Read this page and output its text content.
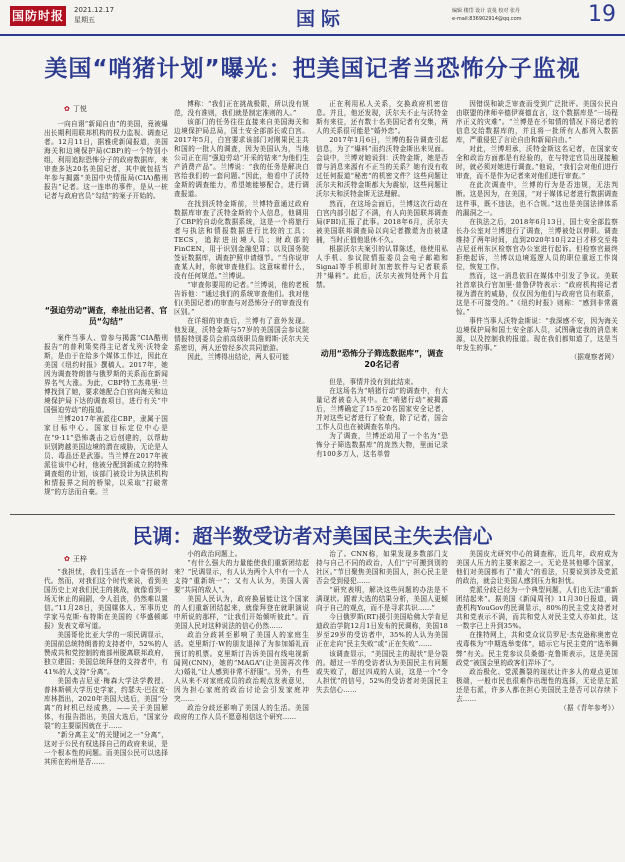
国防时报 2021.12.17
星期五	国际	编辑 楼岱 设计 袁曼 校对 张丹
e-mail:836902914@qq.com	19
美国“哨猪计划”曝光：把美国记者当恐怖分子监视
✿ 丁悦

一向自诩“新闻自由”的美国，竟被爆出长期利用联邦机构的权力监视、调查记者。12月11日，据雅虎新闻报道，美国海关和边境保护局(CBP)的一个特别小组，利用追踪恐怖分子的政府数据库，来审查多达20名美国记者，其中就包括当年参与揭露“美国中央情报局(CIA)酷刑报告”记者。这一连串的事件，是从一桩记者与政府官员“勾结”的案子开始的。

“强迫劳动”调查，牵扯出记者、官员“勾结”

案件当事人、曾参与揭露“CIA酷刑报告”的普利策奖得主记者戈列·沃特金斯，是由于在给多个媒体工作过，因此在美国《纽约时报》撰稿人。2017年，她因为调查特朗普与俄罗斯的关系而在新闻界名气大涨。为此，CBP特工杰弗里·兰博找到了她，要求她配合白宫向海关和边境保护局下达的调查项目，进行有关“中国强迫劳动”的报道。

兰博2017年被派往CBP，隶属于国家目标中心。国家目标定位中心是在“9·11”恐怖袭击之后创建的，以帮助识别跨越美国边境的潜在威胁，无论是人员、毒品还是武器。当兰博在2017年被派往该中心时，他被分配到新成立的特殊调查组的计划，该部门被设计为执法机构和情报界之间的桥梁，以采取“打破常规”的方法而自豪。兰

博称：“我们正在挑战极限，所以没有规范，没有准则，我们就是制定准则的人。”

该部门的任务往往直接来自美国海关和边境保护局总局，国土安全部部长或白宫。2017年5月，白宫要求该部门对刚果民主共和国的一批人的调查，因为美国认为，当地公司正在用“强迫劳动”开采的钴来“为他们生产消费产品”。兰博说：“我的任务是解决白宫给我们的一套问题。”因此，他看中了沃特金斯的调查能力，希望她能够配合，进行调查报道。

在找到沃特金斯前，兰博特意通过政府数据库审查了沃特金斯的个人信息，他调用了CBP的自动化数据系统，这是一个将旅行者与执法和情报数据进行比较的工具；TECS，追踪进出境人员；财政部的FinCEN，用于识别金融犯罪；以及国务院签证数据库，调查护照申请细节。“当你说审查某人时，你就审查他们。这意味着什么，没有任何规范。”兰博说。

“审查你要用的记者。”兰博说，他的老板告诉他：“通过我们的系统审查他们。我对他们(美国记者)的审查与对恐怖分子的审查没有区别。”

在详细的审查后，兰博有了意外发现。他发现，沃特金斯与57岁的美国国会参议院情报特别委员会前高级职员詹姆斯·沃尔夫关系密切，两人还曾经多次共同旅游。

因此，兰博得出结论，两人很可能

正在利用私人关系，交换政府机密信息。并且，他还发现，沃尔夫不止与沃特金斯有来往，还有数十名美国记者有交集，两人的关系很可能是“婚外恋”。

2017年1月6日，兰博的报告调查引起信息，为了“爆料”而约沃特金斯出来见面。会谈中，兰博对她说到：沃特金斯，她是否曾与消息来源有不正当的关系？她有没有收过任何报道“秘密”的机密文件？这些问题让沃尔夫和沃特金斯都大为震惊，这些问题让沃尔夫和沃特金斯无法理解。

然而，在这场会面后，兰博这次行动在白宫内部引起了不满，有人向美国联邦调查局(FBI)汇报了此事。2018年6月，沃尔夫被美国联邦调查局以向记者撒谎为由被逮捕，当时正值他退休不久。

根据沃尔夫案引的认罪陈述，他使用私人手机、参议院情报委员会电子邮箱和Signal等手机即时加密软件与记者联系并“爆料”。此后，沃尔夫被判处两个月监禁。

动用“恐怖分子筛选数据库”，调查20名记者

但是，事情并没有到此结束。

在这场名为“哨猪行动”的调查中，有大量记者被卷入其中。在“哨猪行动”被揭露后，兰博确定了15至20名国家安全记者，并对这些记者进行了检查，除了记者，国会工作人员也在被调查名单内。

为了调查，兰博还动用了一个名为“恐怖分子筛选数据库”的庞然大物，里面记录有100多万人，这名单曾

因错误和缺乏审查而受到广泛批评。美国公民自由联盟的律师辛德伊赛德直言，这个数据库是“一场程序正义的灾难”。“兰博是在不知情的情况下将记者的信息交给数据库的，并且将一批所有人都列入数据库，严重侵犯了言论自由和新闻自由。”

对此，兰博坦承，沃特金斯这名记者，在国家安全和政治方面都是有经验的，在与特定官员出现接触时，就必须对她进行调查。”他说，“我们会对他们进行审查，而不是作为记者来对他们进行审查。”

在此次调查中，兰博的行为是否违规，无法判断。这是因为，在美国，“对于媒体记者进行数据调查这件事，既不违法，也不合规。”这也是美国法律体系的漏洞之一。

在执法之后，2018年6月13日，国土安全部监察长办公室对兰博进行了调查，兰博被处以停职。调查维持了两年时间，直到2020年10月22日才移交至弗吉尼亚州东区检察官办公室进行起诉。但检察官最终拒绝起诉，兰博以边境巡逻人员的职位重返工作岗位，恢复工作。

然而，这一消息依旧在媒体中引发了争议。美联社首席执行官加里·普鲁伊特表示：“政府机构将记者视为潜在的威胁，仅仅因为他们与政府官员有联系，这是不可接受的。”《纽约时报》则称：“感到非常震惊。”

事件当事人沃特金斯说：“我深感不安，因为海关边境保护局和国土安全部人员，试图确定我的消息来源，以及控制我的报道。现在我们都知道了，这是当年发生的事。”

（据观察者网）

民调：超半数受访者对美国民主失去信心
✿ 王梓

“我担忧，我们生活在一个奇怪的时代。然而，对我们这个时代来说，看到美国历史上对我们民主的挑战，就像看到一场无休止的闹剧，令人沮丧，仍然难以置信。”11月28日，美国媒体人、军事历史学家马克斯·布特斯在美国的《华盛顿邮报》发表文章写道。

美国哥伦比亚大学的一项民调显示，美国前总统特朗普的支持者中，52%的人赞成共和党控制的南部州脱离联邦政府，独立建国；美国总统拜登的支持者中，有41%的人支持“分离”。

美国弗吉尼亚·梅森大学法学教授、普林斯顿大学历史学家，约瑟夫·巴拉克·库林指出，2020年美国大选后，美国“分离”的时机已经成熟，——关于美国解体，有报告指出，美国大选后，“国家分裂”的主要原因就在于……

“新分离主义”的关键词之一“分离”，这对于公民有权选择自己的政府来说，是一个根本性的问题。而美国公民可以选择其所在的州是否……

小的政治问题上。

“有什么强大的力量能使我们重新团结起来？”民调显示，有人认为两个人中有一个人支持“重新统一”；又有人认为，美国人需要“共同的敌人”。

美国人民认为，政府换届能让这个国家的人们重新团结起来，就像拜登在就职演说中所说的那样，“让我们开始倾听彼此”。而美国人民对这种说法的信心仍然……

政治分歧甚至影响了美国人的家庭生活。克里斯汀·W的朋友退掉了为参加婚礼而预订的机票。克里斯汀告诉美国有线电视新闻网(CNN)，她的“MAGA”(让美国再次伟大)婚礼“让人感到非常不舒服”。另外，有些人从来不对家庭成员的政治观点发表意见，因为担心家庭的政治讨论会引发家庭冲突……

政治分歧还影响了美国人的生活。美国政府的工作人员不愿意相信这个研究……

治了。CNN称，如果发现多数部门支持与自己不同的政治，人们“宁可搬到别的社区。”节目聚焦美国和美国人，担心民主是否会受到侵犯……

“研究表明，解决这些问题的办法是不满现状。跟着大选的结果分析，美国人更倾向于自己的观点，而不是寻求共识……”

今日俄罗斯(RT)援引美国哈佛大学肯尼迪政治学院12月1日发布的民调称，美国18岁至29岁的受访者中，35%的人认为美国正在走向“民主失败”或“正在失败”……

该调查显示，“美国民主的现状”是分裂的。超过一半的受访者认为美国民主有问题或失败了，超过四成的人说，这是一个“令人担忧”的信号，52%的受访者对美国民主失去信心……

美国皮尤研究中心的调查称，近几年，政府成为美国人压力的主要来源之一。无论是其他哪个国家，他们对美国都有了“重大”的看法，只要说到涉及党派的政治，就会让美国人感到压力和担忧。

党派分歧已经为一个典型问题，人们也无法“重新团结起来”。据美国《新闻周刊》11月30日报道，调查机构YouGov的民调显示，80%的民主党支持者对共和党表示不满，而共和党人对民主党人亦如此，这一数字已上升到35%。

在推特网上，共和党众议员罗尼·杰克逊称奥密克戎毒株为“中期选举变体”，暗示它与民主党的“选举舞弊”有关。民主党参议员桑德·克鲁斯表示，这是美国政党“被国会里的政客们弄坏了”。

政治极化、党派撕裂的现状让许多人的观点更加极端，一般市民也很难作出理性的选择，无论是左派还是右派，许多人都在担心美国民主是否可以存续下去……

（据《青年参考》）
